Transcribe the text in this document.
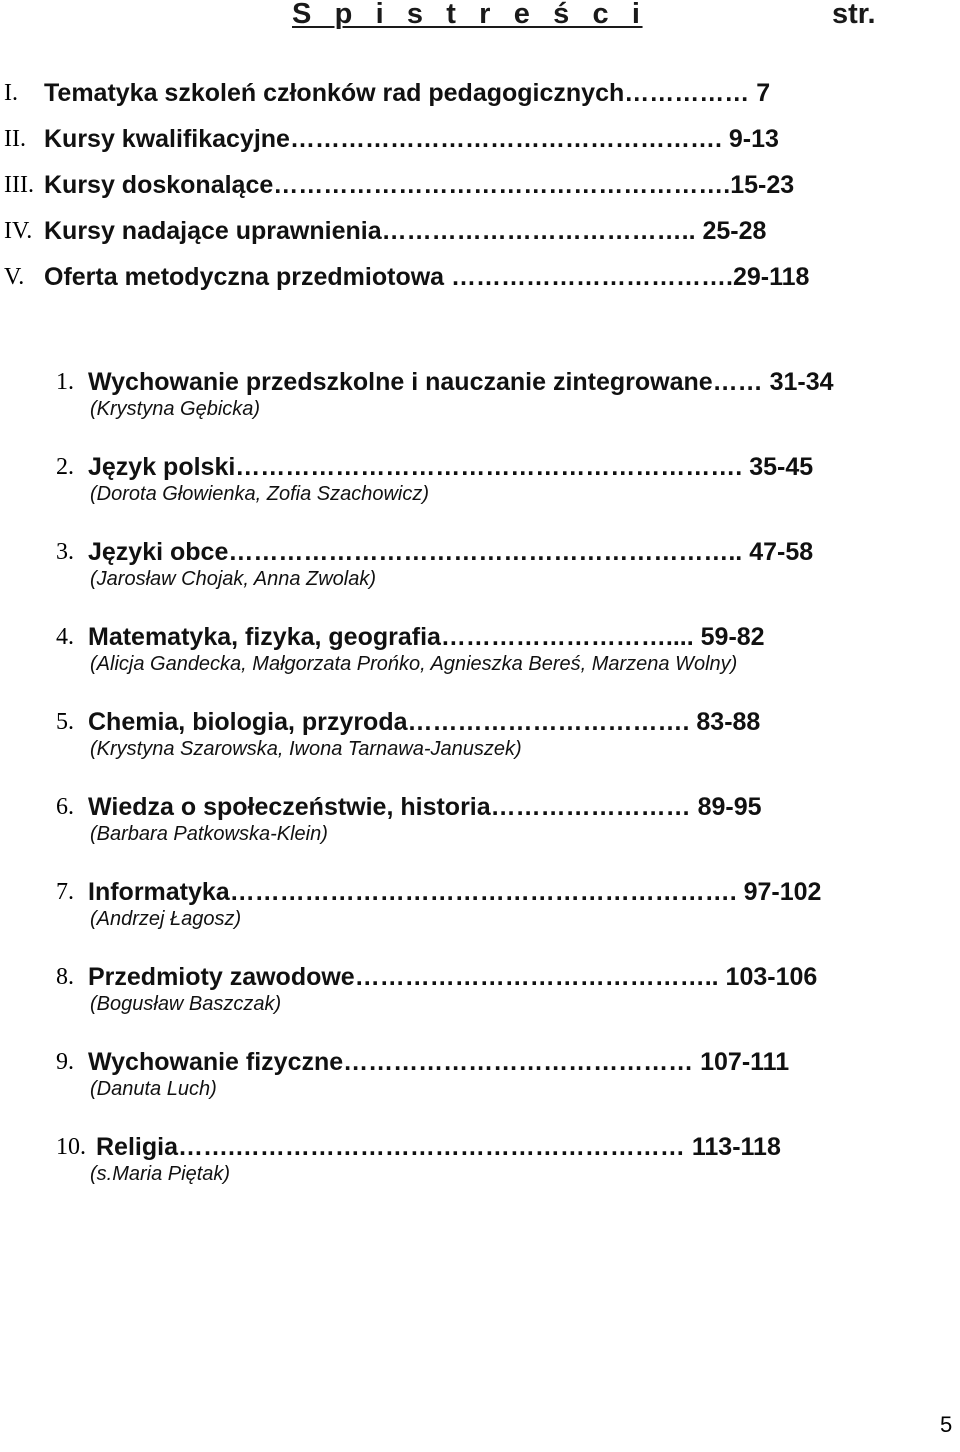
S p i s t r e ś c i	str.
I. Tematyka szkoleń członków rad pedagogicznych…………… 7
II. Kursy kwalifikacyjne……………………………………………. 9-13
III. Kursy doskonalące……………………………………………….15-23
IV. Kursy nadające uprawnienia……………………………….. 25-28
V. Oferta metodyczna przedmiotowa …………………………….29-118
1. Wychowanie przedszkolne i nauczanie zintegrowane…… 31-34
(Krystyna Gębicka)
2. Język polski……………………………………………………. 35-45
(Dorota Głowienka, Zofia Szachowicz)
3. Języki obce…………………………………………………….. 47-58
(Jarosław Chojak, Anna Zwolak)
4. Matematyka, fizyka, geografia……………………….... 59-82
(Alicja Gandecka, Małgorzata Prońko, Agnieszka Bereś, Marzena Wolny)
5. Chemia, biologia, przyroda……………………………. 83-88
(Krystyna Szarowska, Iwona Tarnawa-Januszek)
6. Wiedza o społeczeństwie, historia…………………… 89-95
(Barbara Patkowska-Klein)
7. Informatyka……………………………………………………. 97-102
(Andrzej Łagosz)
8. Przedmioty zawodowe…………………………………….. 103-106
(Bogusław Baszczak)
9. Wychowanie fizyczne…………………………………… 107-111
(Danuta Luch)
10. Religia…….……………………………………………… 113-118
(s.Maria Piętak)
5
